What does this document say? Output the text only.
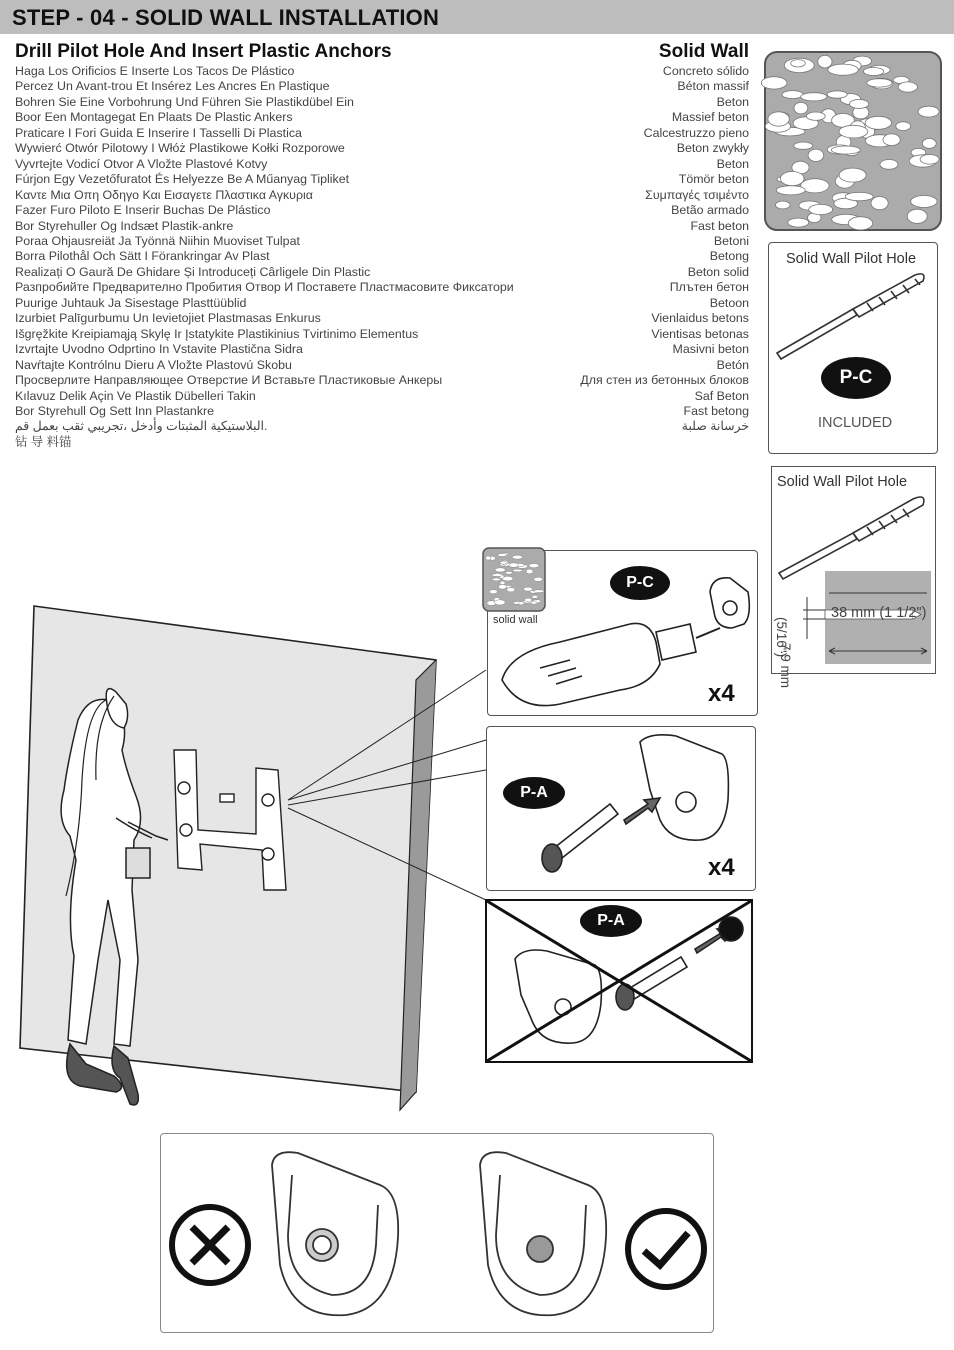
STEP - 04 - SOLID WALL INSTALLATION
Drill Pilot Hole And Insert Plastic Anchors	Solid Wall
Haga Los Orificios E Inserte Los Tacos De Plástico
Percez Un Avant-trou Et Insérez Les Ancres En Plastique
Bohren Sie Eine Vorbohrung Und Führen Sie Plastikdübel Ein
Boor Een Montagegat En Plaats De Plastic Ankers
Praticare I Fori Guida E Inserire I Tasselli Di Plastica
Wywierć Otwór Pilotowy I Włóż Plastikowe Kołki Rozporowe
Vyvrtejte Vodicí Otvor A Vložte Plastové Kotvy
Fúrjon Egy Vezetőfuratot És Helyezze Be A Műanyag Tipliket
Καντε Μια Οπη Οδηγο Και Εισαγετε Πλαστικα Αγκυρια
Fazer Furo Piloto E Inserir Buchas De Plástico
Bor Styrehuller Og Indsæt Plastik-ankre
Poraa Ohjausreiät Ja Työnnä Niihin Muoviset Tulpat
Borra Pilothål Och Sätt I Förankringar Av Plast
Realizați O Gaură De Ghidare Și Introduceți Cârligele Din Plastic
Разпробийте Предварително Пробития Отвор И Поставете Пластмасовите Фиксатори
Puurige Juhtauk Ja Sisestage Plasttüüblid
Izurbiet Palīgurbumu Un Ievietojiet Plastmasas Enkurus
Išgręžkite Kreipiamąją Skylę Ir Įstatykite Plastikinius Tvirtinimo Elementus
Izvrtajte Uvodno Odprtino In Vstavite Plastična Sidra
Navŕtajte Kontrólnu Dieru A Vložte Plastovú Skobu
Просверлите Направляющее Отверстие И Вставьте Пластиковые Анкеры
Kılavuz Delik Açin Ve Plastik Dübelleri Takin
Bor Styrehull Og Sett Inn Plastankre
البلاستيكية المثبتات وأدخل ،تجريبي ثقب بعمل قم.
钻 导 料锚
Concreto sólido
Béton massif
Beton
Massief beton
Calcestruzzo pieno
Beton zwykły
Beton
Tömör beton
Συμπαγές τσιμέντο
Betão armado
Fast beton
Betoni
Betong
Beton solid
Плътен бетон
Betoon
Vienlaidus betons
Vientisas betonas
Masivni beton
Betón
Для стен из бетонных блоков
Saf Beton
Fast betong
خرسانة صلبة
Solid Wall Pilot Hole
P-C
INCLUDED
Solid Wall Pilot Hole
38 mm (1 1/2")
7.9 mm
(5/16")
solid wall
P-C
x4
P-A
x4
P-A
